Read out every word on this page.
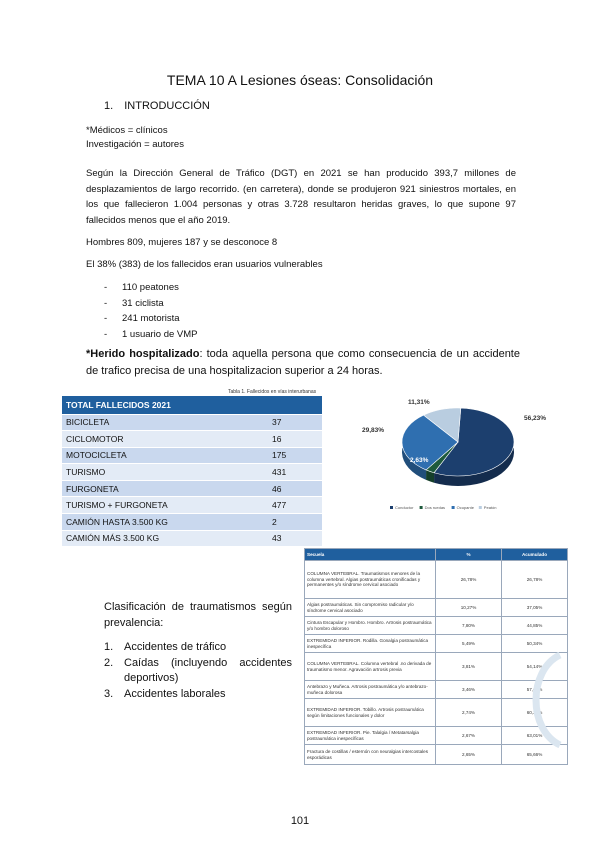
TEMA 10 A Lesiones óseas: Consolidación
1. INTRODUCCIÓN
*Médicos = clínicos
Investigación = autores
Según la Dirección General de Tráfico (DGT) en 2021 se han producido 393,7 millones de desplazamientos de largo recorrido. (en carretera), donde se produjeron 921 siniestros mortales, en los que fallecieron 1.004 personas y otras 3.728 resultaron heridas graves, lo que supone 97 fallecidos menos que el año 2019.
Hombres 809, mujeres 187 y se desconoce 8
El 38% (383) de los fallecidos eran usuarios vulnerables
- 110 peatones
- 31 ciclista
- 241 motorista
- 1 usuario de VMP
*Herido hospitalizado: toda aquella persona que como consecuencia de un accidente de trafico precisa de una hospitalizacion superior a 24 horas.
Tabla 1. Fallecidos en vías interurbanas
TOTAL FALLECIDOS 2021	
BICICLETA	37
CICLOMOTOR	16
MOTOCICLETA	175
TURISMO	431
FURGONETA	46
TURISMO + FURGONETA	477
CAMIÓN HASTA 3.500 KG	2
CAMIÓN MÁS 3.500 KG	43
56,23%
2,63%
29,83%
11,31%
Conductor	Dos ruedas	Ocupante Peatón
Secuela	%	Acumulado
COLUMNA VERTEBRAL. Traumatismos menores de la columna vertebral. Algias postraumáticas cronificadas y permanentes y/o síndrome cervical asociado	26,78%	26,78%
Algias postraumáticas. Sin compromiso radicular y/o síndrome cervical asociado	10,27%	37,05%
Cintura Escapular y Hombro. Hombro. Artrosis postraumática y/o hombro doloroso	7,80%	44,85%
EXTREMIDAD INFERIOR. Rodilla. Gonalgia postraumática inespecífica	5,49%	50,34%
COLUMNA VERTEBRAL. Columna vertebral .no derivada de traumatismo menor. Agravación artrosis previa	3,81%	54,14%
Antebrazo y Muñeca. Artrosis postraumática y/o antebrazo-muñeca dolorosa	3,46%	57,60%
EXTREMIDAD INFERIOR. Tobillo. Artrosis postraumática según limitaciones funcionales y dolor	2,74%	60,34%
EXTREMIDAD INFERIOR. Pie. Talalgia / Metatarsalgia postraumática inespecíficas	2,67%	63,01%
Fractura de costillas / esternón con neuralgias intercostales esporádicas	2,65%	65,66%
Clasificación de traumatismos según prevalencia:
1. Accidentes de tráfico
2. Caídas (incluyendo accidentes deportivos)
3. Accidentes laborales
101
